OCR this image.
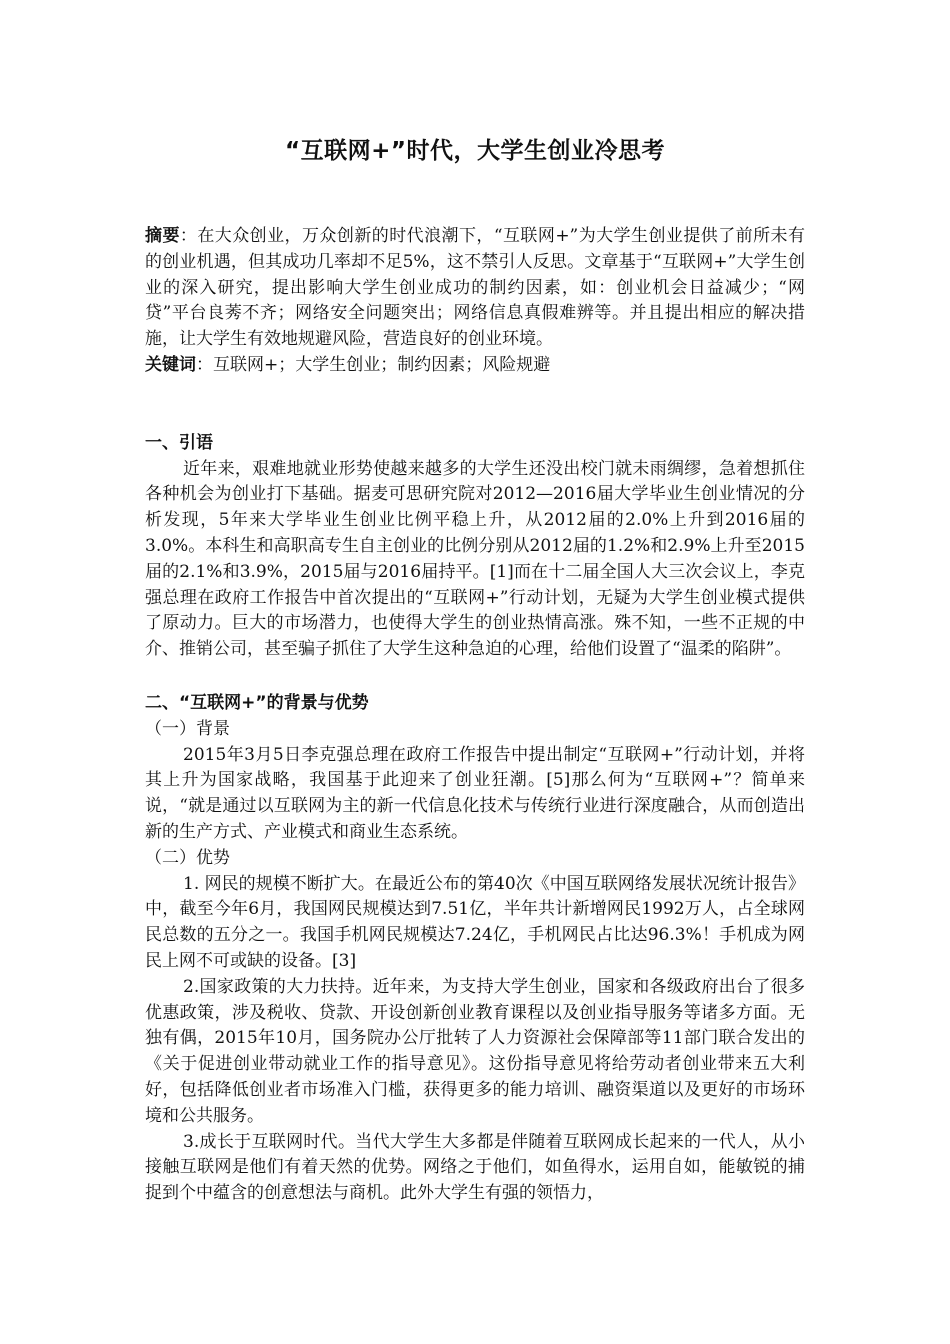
“互联网+”时代，大学生创业冷思考

摘要：在大众创业，万众创新的时代浪潮下，“互联网+”为大学生创业提供了前所未有的创业机遇，但其成功几率却不足5%，这不禁引人反思。文章基于“互联网+”大学生创业的深入研究，提出影响大学生创业成功的制约因素，如：创业机会日益减少；“网贷”平台良莠不齐；网络安全问题突出；网络信息真假难辨等。并且提出相应的解决措施，让大学生有效地规避风险，营造良好的创业环境。

关键词：互联网+；大学生创业；制约因素；风险规避

一、引语

近年来，艰难地就业形势使越来越多的大学生还没出校门就未雨绸缪，急着想抓住各种机会为创业打下基础。据麦可思研究院对2012—2016届大学毕业生创业情况的分析发现，5年来大学毕业生创业比例平稳上升，从2012届的2.0%上升到2016届的3.0%。本科生和高职高专生自主创业的比例分别从2012届的1.2%和2.9%上升至2015届的2.1%和3.9%，2015届与2016届持平。[1]而在十二届全国人大三次会议上，李克强总理在政府工作报告中首次提出的“互联网+”行动计划，无疑为大学生创业模式提供了原动力。巨大的市场潜力，也使得大学生的创业热情高涨。殊不知，一些不正规的中介、推销公司，甚至骗子抓住了大学生这种急迫的心理，给他们设置了“温柔的陷阱”。

二、“互联网+”的背景与优势

（一）背景

2015年3月5日李克强总理在政府工作报告中提出制定“互联网+”行动计划，并将其上升为国家战略，我国基于此迎来了创业狂潮。[5]那么何为“互联网+”？简单来说，“就是通过以互联网为主的新一代信息化技术与传统行业进行深度融合，从而创造出新的生产方式、产业模式和商业生态系统。

（二）优势

1. 网民的规模不断扩大。在最近公布的第40次《中国互联网络发展状况统计报告》中，截至今年6月，我国网民规模达到7.51亿，半年共计新增网民1992万人，占全球网民总数的五分之一。我国手机网民规模达7.24亿，手机网民占比达96.3%！手机成为网民上网不可或缺的设备。[3]

2.国家政策的大力扶持。近年来，为支持大学生创业，国家和各级政府出台了很多优惠政策，涉及税收、贷款、开设创新创业教育课程以及创业指导服务等诸多方面。无独有偶，2015年10月，国务院办公厅批转了人力资源社会保障部等11部门联合发出的《关于促进创业带动就业工作的指导意见》。这份指导意见将给劳动者创业带来五大利好，包括降低创业者市场准入门槛，获得更多的能力培训、融资渠道以及更好的市场环境和公共服务。

3.成长于互联网时代。当代大学生大多都是伴随着互联网成长起来的一代人，从小接触互联网是他们有着天然的优势。网络之于他们，如鱼得水，运用自如，能敏锐的捕捉到个中蕴含的创意想法与商机。此外大学生有强的领悟力，
